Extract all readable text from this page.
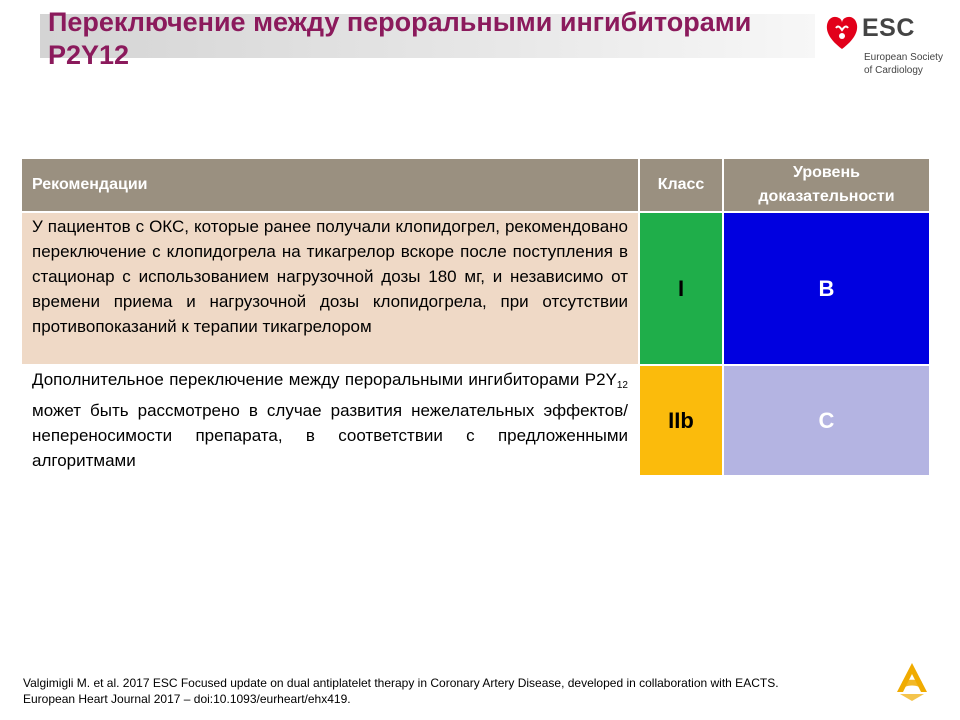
Переключение между пероральными ингибиторами P2Y12
ESC
European Society
of Cardiology
Рекомендации	Класс	Уровень
доказательности

У пациентов с ОКС, которые ранее получали клопидогрел, рекомендовано переключение с клопидогрела на тикагрелор вскоре после поступления в стационар с использованием нагрузочной дозы 180 мг, и независимо от времени приема и нагрузочной дозы клопидогрела, при отсутствии противопоказаний к терапии тикагрелором	I	B
Дополнительное переключение между пероральными ингибиторами $P2Y_{12}$ может быть рассмотрено в случае развития нежелательных эффектов/непереносимости препарата, в соответствии с предложенными алгоритмами	IIb	C
Valgimigli M. et al. 2017 ESC Focused update on dual antiplatelet therapy in Coronary Artery Disease, developed in collaboration with EACTS.
European Heart Journal 2017 – doi:10.1093/eurheart/ehx419.
